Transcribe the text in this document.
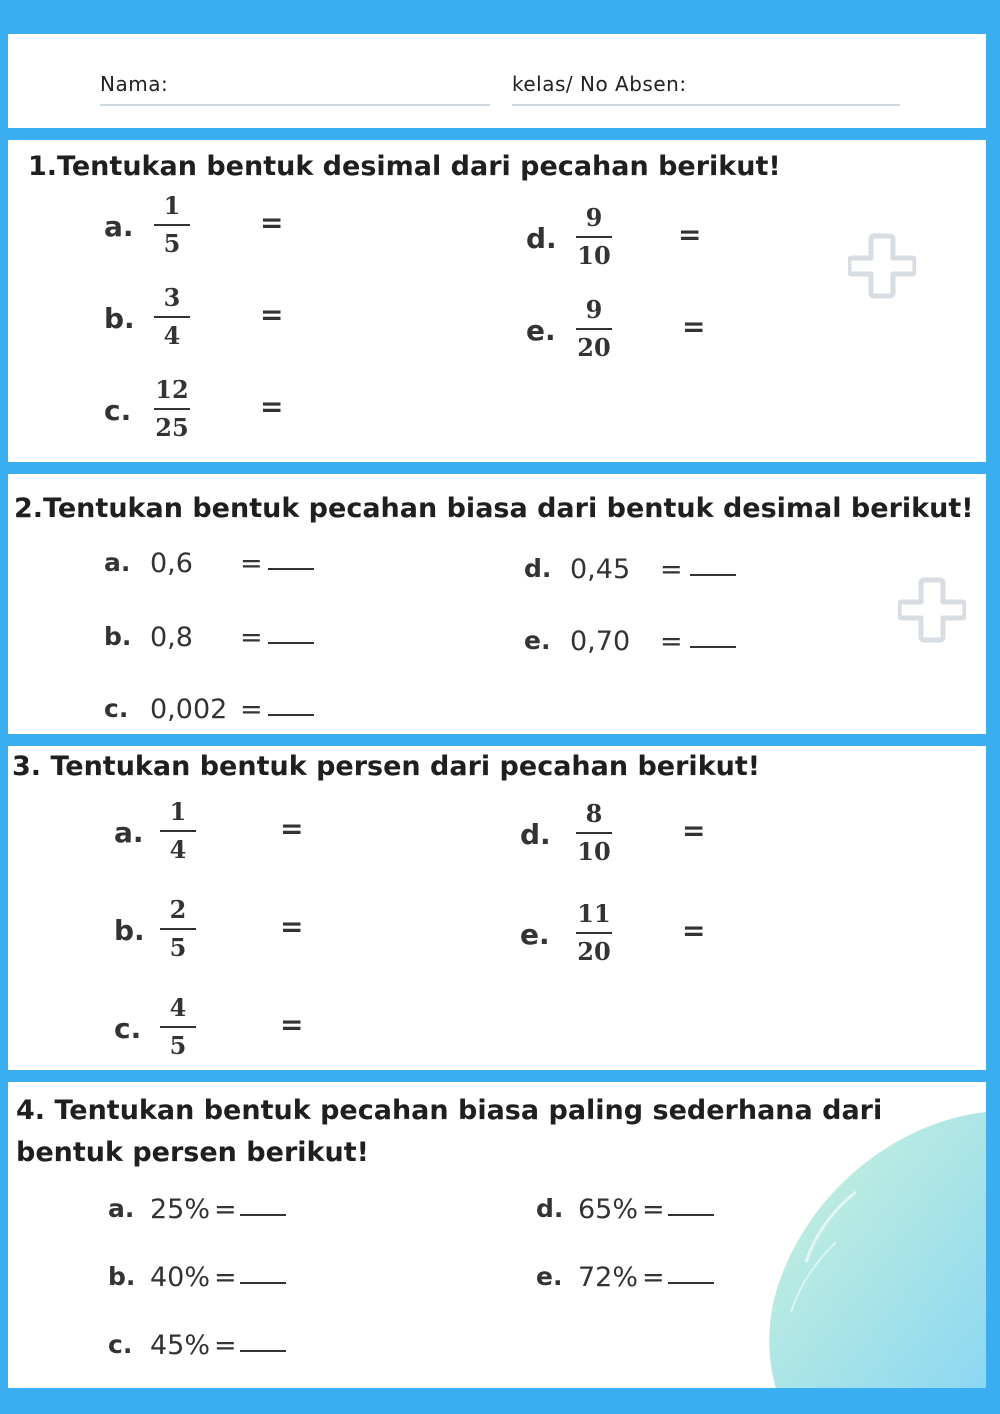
Nama:	kelas/ No Absen:
1.Tentukan bentuk desimal dari pecahan berikut!
a.
1
5
=
b.
3
4
=
c.
12
25
=
d.
9
10
=
e.
9
20
=
2.Tentukan bentuk pecahan biasa dari bentuk desimal berikut!
a. 0,6 =
b. 0,8 =
c. 0,002 =
d. 0,45 =
e. 0,70 =
3. Tentukan bentuk persen dari pecahan berikut!
a.
1
4
=
b.
2
5
=
c.
4
5
=
d.
8
10
=
e.
11
20
=
4. Tentukan bentuk pecahan biasa paling sederhana dari
bentuk persen berikut!
a. 25% =
b. 40% =
c. 45% =
d. 65% =
e. 72% =
